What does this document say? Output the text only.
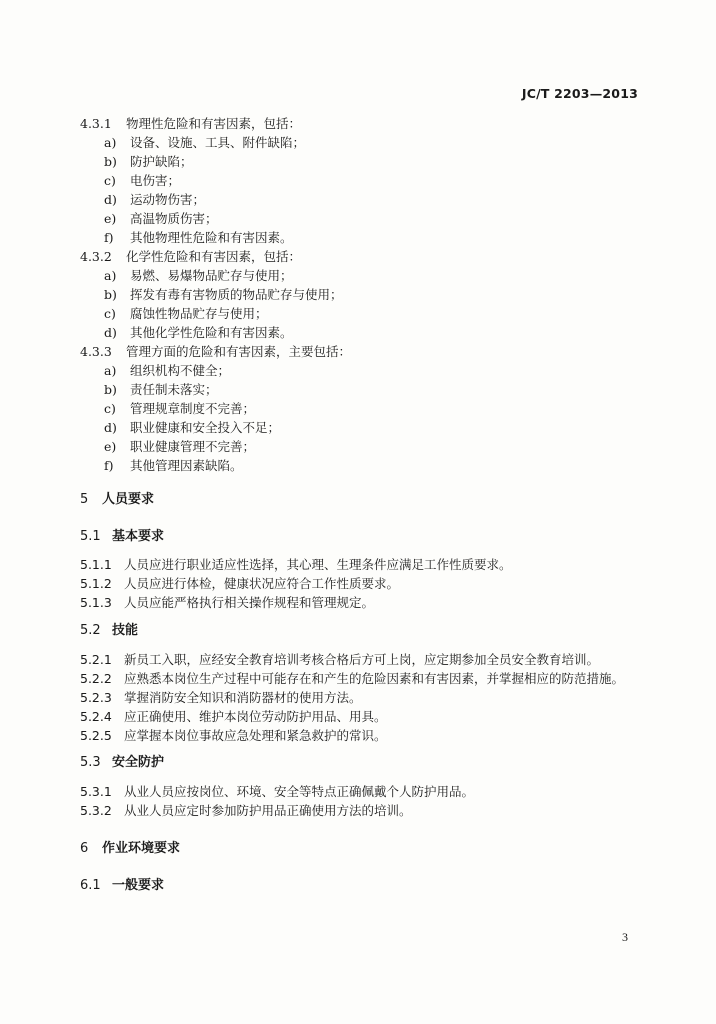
JC/T 2203—2013
4.3.1 物理性危险和有害因素，包括：
a) 设备、设施、工具、附件缺陷；
b) 防护缺陷；
c) 电伤害；
d) 运动物伤害；
e) 高温物质伤害；
f) 其他物理性危险和有害因素。
4.3.2 化学性危险和有害因素，包括：
a) 易燃、易爆物品贮存与使用；
b) 挥发有毒有害物质的物品贮存与使用；
c) 腐蚀性物品贮存与使用；
d) 其他化学性危险和有害因素。
4.3.3 管理方面的危险和有害因素，主要包括：
a) 组织机构不健全；
b) 责任制未落实；
c) 管理规章制度不完善；
d) 职业健康和安全投入不足；
e) 职业健康管理不完善；
f) 其他管理因素缺陷。
5 人员要求
5.1 基本要求
5.1.1 人员应进行职业适应性选择，其心理、生理条件应满足工作性质要求。
5.1.2 人员应进行体检，健康状况应符合工作性质要求。
5.1.3 人员应能严格执行相关操作规程和管理规定。
5.2 技能
5.2.1 新员工入职，应经安全教育培训考核合格后方可上岗，应定期参加全员安全教育培训。
5.2.2 应熟悉本岗位生产过程中可能存在和产生的危险因素和有害因素，并掌握相应的防范措施。
5.2.3 掌握消防安全知识和消防器材的使用方法。
5.2.4 应正确使用、维护本岗位劳动防护用品、用具。
5.2.5 应掌握本岗位事故应急处理和紧急救护的常识。
5.3 安全防护
5.3.1 从业人员应按岗位、环境、安全等特点正确佩戴个人防护用品。
5.3.2 从业人员应定时参加防护用品正确使用方法的培训。
6 作业环境要求
6.1 一般要求
3
